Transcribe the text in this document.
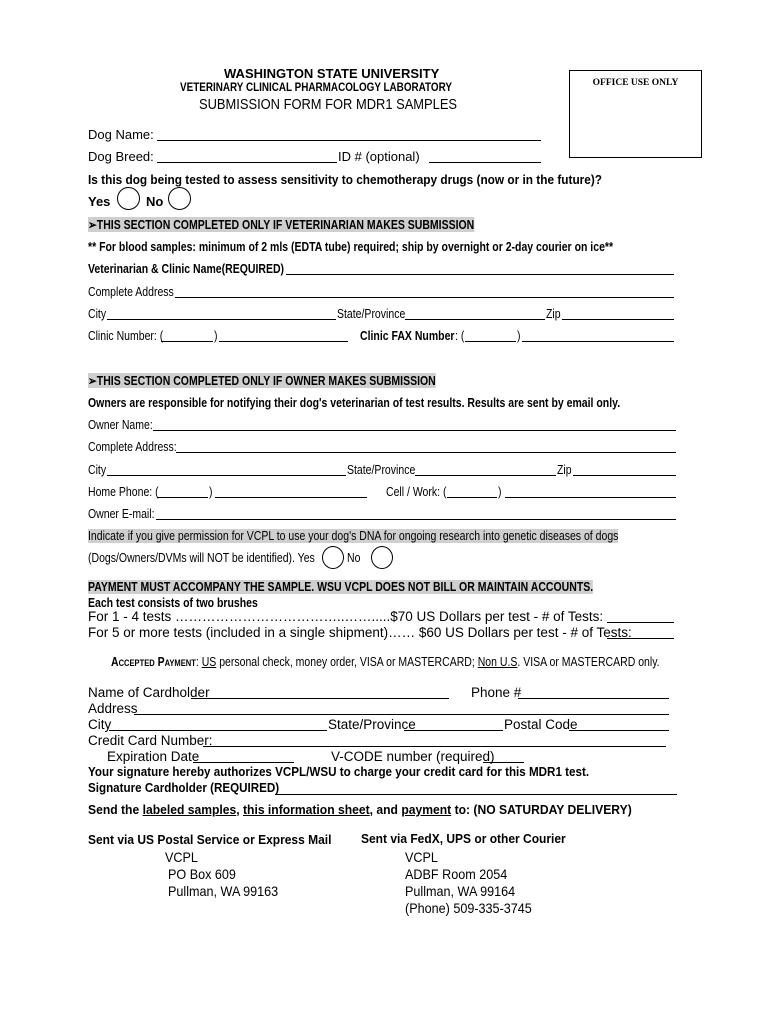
OFFICE USE ONLY
WASHINGTON STATE UNIVERSITY
VETERINARY CLINICAL PHARMACOLOGY LABORATORY
SUBMISSION FORM FOR MDR1 SAMPLES
Dog Name:
Dog Breed:	ID # (optional)
Is this dog being tested to assess sensitivity to chemotherapy drugs (now or in the future)?
Yes	No
➢THIS SECTION COMPLETED ONLY IF VETERINARIAN MAKES SUBMISSION
** For blood samples: minimum of 2 mls (EDTA tube) required; ship by overnight or 2-day courier on ice**
Veterinarian & Clinic Name(REQUIRED)
Complete Address
City	State/Province	Zip
Clinic Number: (	)	Clinic FAX Number : (	)
➢THIS SECTION COMPLETED ONLY IF OWNER MAKES SUBMISSION
Owners are responsible for notifying their dog's veterinarian of test results. Results are sent by email only.
Owner Name:
Complete Address:
City	State/Province	Zip
Home Phone: (	)	Cell / Work: (	)
Owner E-mail:
Indicate if you give permission for VCPL to use your dog's DNA for ongoing research into genetic diseases of dogs
(Dogs/Owners/DVMs will NOT be identified). Yes	No
PAYMENT MUST ACCOMPANY THE SAMPLE. WSU VCPL DOES NOT BILL OR MAINTAIN ACCOUNTS.
Each test consists of two brushes
For 1 - 4 tests ………………………………..…….....$70 US Dollars per test - # of Tests:
For 5 or more tests (included in a single shipment)…… $60 US Dollars per test - # of Tests:
Accepted Payment: US personal check, money order, VISA or MASTERCARD; Non U.S. VISA or MASTERCARD only.
Name of Cardholder	Phone #
Address
City	State/Province	Postal Code
Credit Card Number:
Expiration Date	V-CODE number (required)
Your signature hereby authorizes VCPL/WSU to charge your credit card for this MDR1 test.
Signature Cardholder (REQUIRED)
Send the labeled samples, this information sheet, and payment to: (NO SATURDAY DELIVERY)
Sent via US Postal Service or Express Mail
VCPL
PO Box 609
Pullman, WA 99163
Sent via FedX, UPS or other Courier
VCPL
ADBF Room 2054
Pullman, WA 99164
(Phone) 509-335-3745
